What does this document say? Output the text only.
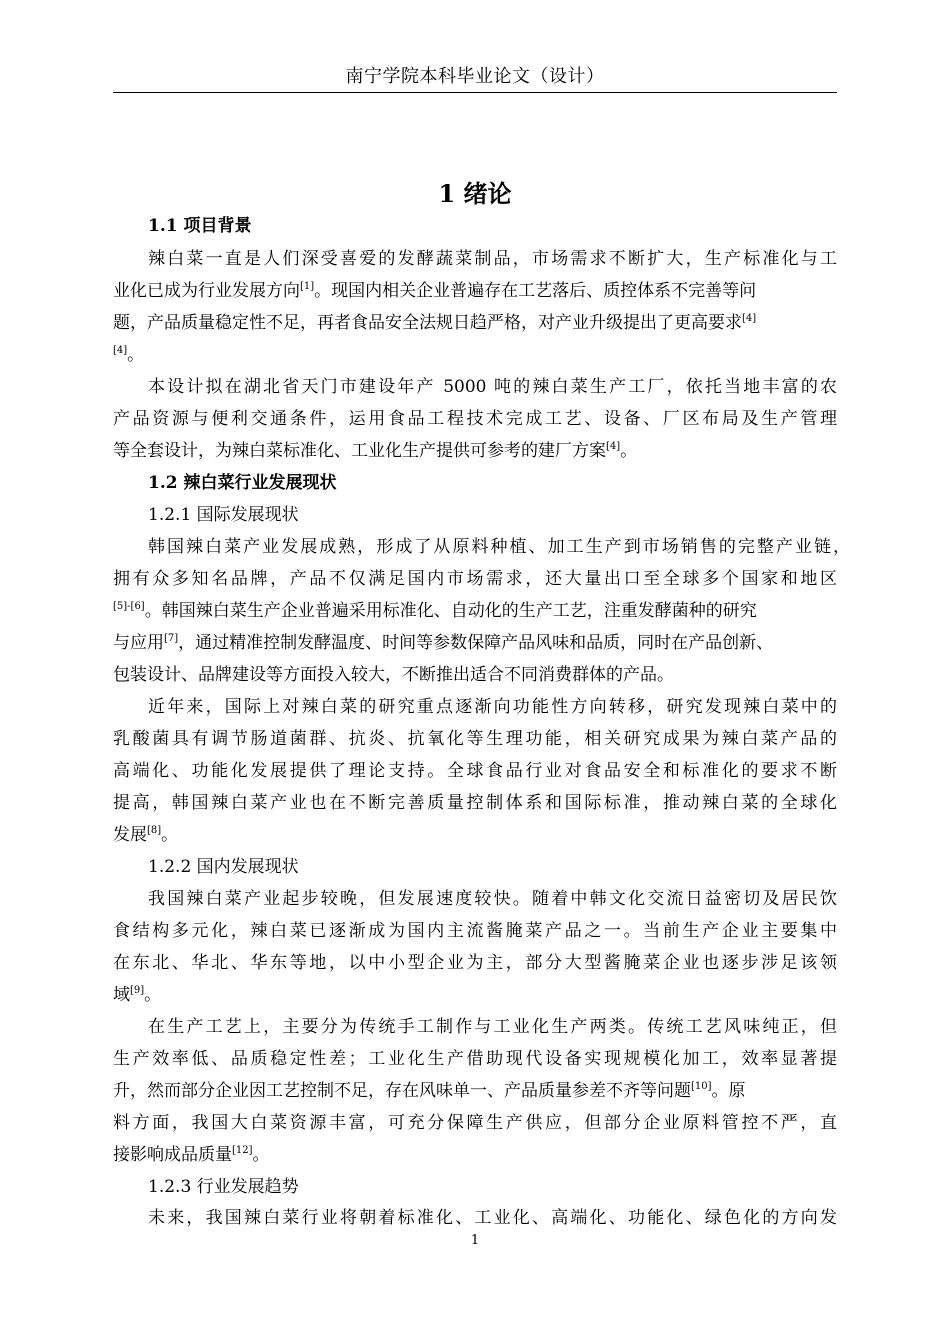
南宁学院本科毕业论文（设计）
1 绪论
1.1 项目背景
辣白菜一直是人们深受喜爱的发酵蔬菜制品，市场需求不断扩大，生产标准化与工
业化已成为行业发展方向[1]。现国内相关企业普遍存在工艺落后、质控体系不完善等问
题，产品质量稳定性不足，再者食品安全法规日趋严格，对产业升级提出了更高要求[4]
[4]。
本设计拟在湖北省天门市建设年产 5000 吨的辣白菜生产工厂，依托当地丰富的农
产品资源与便利交通条件，运用食品工程技术完成工艺、设备、厂区布局及生产管理
等全套设计，为辣白菜标准化、工业化生产提供可参考的建厂方案[4]。
1.2 辣白菜行业发展现状
1.2.1 国际发展现状
韩国辣白菜产业发展成熟，形成了从原料种植、加工生产到市场销售的完整产业链，
拥有众多知名品牌，产品不仅满足国内市场需求，还大量出口至全球多个国家和地区
[5]-[6]。韩国辣白菜生产企业普遍采用标准化、自动化的生产工艺，注重发酵菌种的研究
与应用[7]，通过精准控制发酵温度、时间等参数保障产品风味和品质，同时在产品创新、
包装设计、品牌建设等方面投入较大，不断推出适合不同消费群体的产品。
近年来，国际上对辣白菜的研究重点逐渐向功能性方向转移，研究发现辣白菜中的
乳酸菌具有调节肠道菌群、抗炎、抗氧化等生理功能，相关研究成果为辣白菜产品的
高端化、功能化发展提供了理论支持。全球食品行业对食品安全和标准化的要求不断
提高，韩国辣白菜产业也在不断完善质量控制体系和国际标准，推动辣白菜的全球化
发展[8]。
1.2.2 国内发展现状
我国辣白菜产业起步较晚，但发展速度较快。随着中韩文化交流日益密切及居民饮
食结构多元化，辣白菜已逐渐成为国内主流酱腌菜产品之一。当前生产企业主要集中
在东北、华北、华东等地，以中小型企业为主，部分大型酱腌菜企业也逐步涉足该领
域[9]。
在生产工艺上，主要分为传统手工制作与工业化生产两类。传统工艺风味纯正，但
生产效率低、品质稳定性差；工业化生产借助现代设备实现规模化加工，效率显著提
升，然而部分企业因工艺控制不足，存在风味单一、产品质量参差不齐等问题[10]。原
料方面，我国大白菜资源丰富，可充分保障生产供应，但部分企业原料管控不严，直
接影响成品质量[12]。
1.2.3 行业发展趋势
未来，我国辣白菜行业将朝着标准化、工业化、高端化、功能化、绿色化的方向发
1
